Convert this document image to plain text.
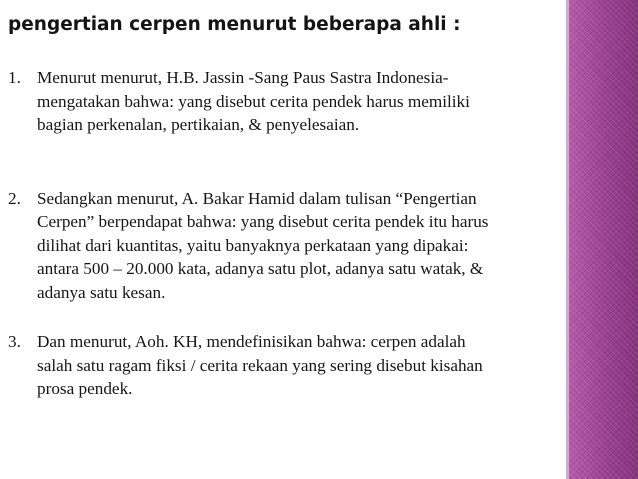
pengertian cerpen menurut beberapa ahli :
1. Menurut menurut, H.B. Jassin -Sang Paus Sastra Indonesia-
mengatakan bahwa: yang disebut cerita pendek harus memiliki
bagian perkenalan, pertikaian, & penyelesaian.
2. Sedangkan menurut, A. Bakar Hamid dalam tulisan “Pengertian
Cerpen” berpendapat bahwa: yang disebut cerita pendek itu harus
dilihat dari kuantitas, yaitu banyaknya perkataan yang dipakai:
antara 500 – 20.000 kata, adanya satu plot, adanya satu watak, &
adanya satu kesan.
3. Dan menurut, Aoh. KH, mendefinisikan bahwa: cerpen adalah
salah satu ragam fiksi / cerita rekaan yang sering disebut kisahan
prosa pendek.
